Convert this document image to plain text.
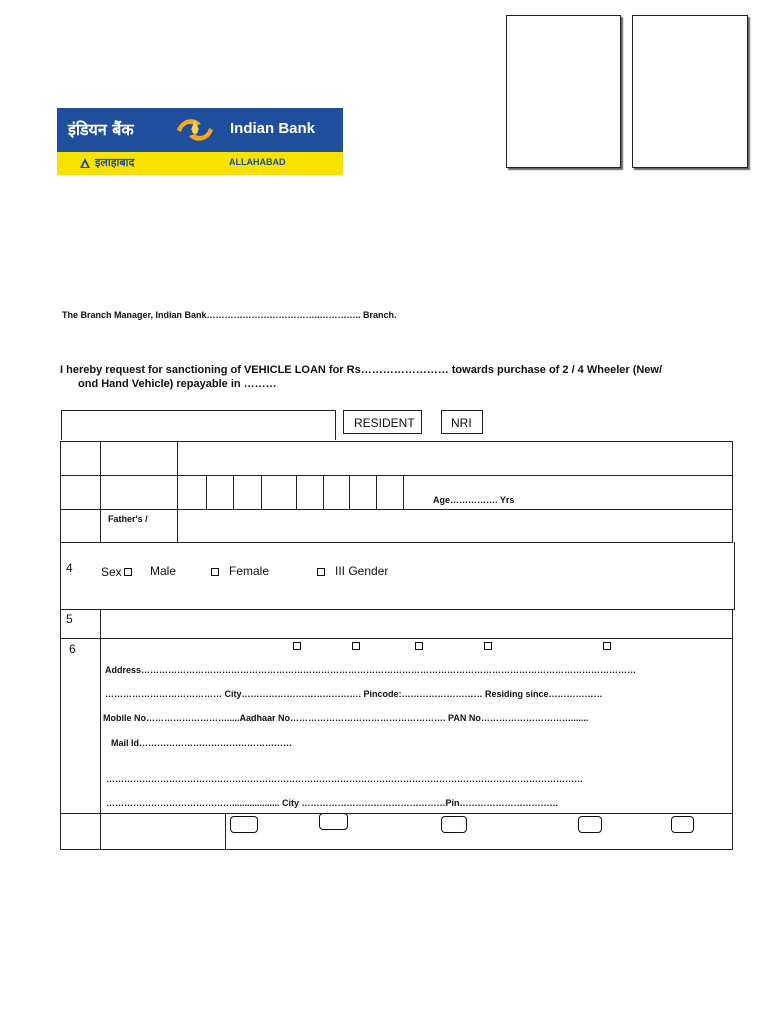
इंडियन बैंक	Indian Bank
इलाहाबाद	ALLAHABAD
The Branch Manager, Indian Bank………………………………..………….. Branch.
I hereby request for sanctioning of VEHICLE LOAN for Rs…………………… towards purchase of 2 / 4 Wheeler (New/
ond Hand Vehicle) repayable in ………
RESIDENT	NRI
Age……………. Yrs
Father's /
4 Sex Male	Female	III Gender
5
6
Address…………………………………………………………………………………………………………………………………………………
………………………………… City…………………………………. Pincode:……………………… Residing since………………
Mobile No……………………….....Aadhaar No……………………………………………. PAN No………………………….......
Mail Id……………………………………………
……………………………………………………………………………………………………………………………………………
……………………………………................... City …………………………………………Pin……………………………
